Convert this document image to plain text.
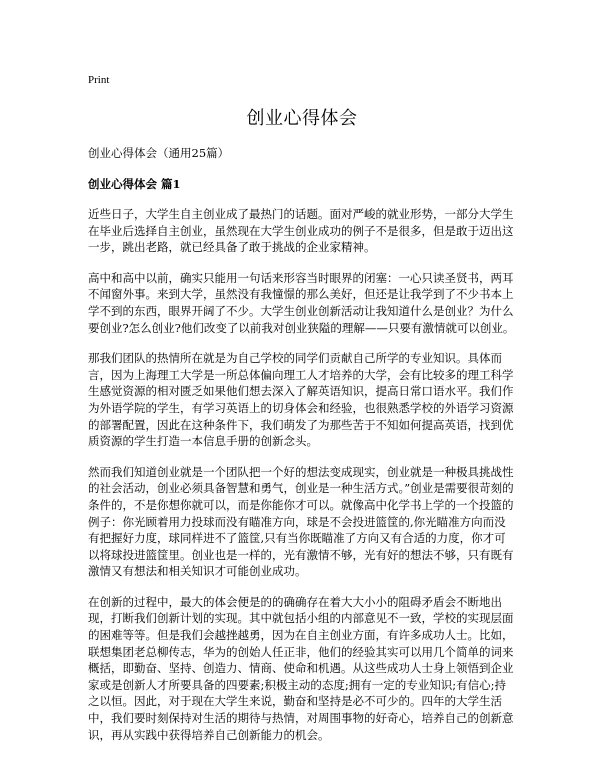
Print
创业心得体会
创业心得体会（通用25篇）
创业心得体会 篇1

近些日子，大学生自主创业成了最热门的话题。面对严峻的就业形势，一部分大学生在毕业后选择自主创业，虽然现在大学生创业成功的例子不是很多，但是敢于迈出这一步，跳出老路，就已经具备了敢于挑战的企业家精神。

高中和高中以前，确实只能用一句话来形容当时眼界的闭塞：一心只读圣贤书，两耳不闻窗外事。来到大学，虽然没有我憧憬的那么美好，但还是让我学到了不少书本上学不到的东西，眼界开阔了不少。大学生创业创新活动让我知道什么是创业？为什么要创业?怎么创业?他们改变了以前我对创业狭隘的理解——只要有激情就可以创业。

那我们团队的热情所在就是为自己学校的同学们贡献自己所学的专业知识。具体而言，因为上海理工大学是一所总体偏向理工人才培养的大学，会有比较多的理工科学生感觉资源的相对匮乏如果他们想去深入了解英语知识，提高日常口语水平。我们作为外语学院的学生，有学习英语上的切身体会和经验，也很熟悉学校的外语学习资源的部署配置，因此在这种条件下，我们萌发了为那些苦于不知如何提高英语，找到优质资源的学生打造一本信息手册的创新念头。

然而我们知道创业就是一个团队把一个好的想法变成现实，创业就是一种极具挑战性的社会活动，创业必须具备智慧和勇气，创业是一种生活方式。”创业是需要很苛刻的条件的，不是你想你就可以，而是你能你才可以。就像高中化学书上学的一个投篮的例子：你光顾着用力投球而没有瞄准方向，球是不会投进篮筐的,你光瞄准方向而没有把握好力度，球同样进不了篮筐,只有当你既瞄准了方向又有合适的力度，你才可以将球投进篮筐里。创业也是一样的，光有激情不够，光有好的想法不够，只有既有激情又有想法和相关知识才可能创业成功。

在创新的过程中，最大的体会便是的的确确存在着大大小小的阻碍矛盾会不断地出现，打断我们创新计划的实现。其中就包括小组的内部意见不一致，学校的实现层面的困难等等。但是我们会越挫越勇，因为在自主创业方面，有许多成功人士。比如，联想集团老总柳传志，华为的创始人任正非，他们的经验其实可以用几个简单的词来概括，即勤奋、坚持、创造力、情商、使命和机遇。从这些成功人士身上领悟到企业家或是创新人才所要具备的四要素;积极主动的态度;拥有一定的专业知识;有信心;持之以恒。因此，对于现在大学生来说，勤奋和坚持是必不可少的。四年的大学生活中，我们要时刻保持对生活的期待与热情，对周围事物的好奇心，培养自己的创新意识，再从实践中获得培养自己创新能力的机会。
